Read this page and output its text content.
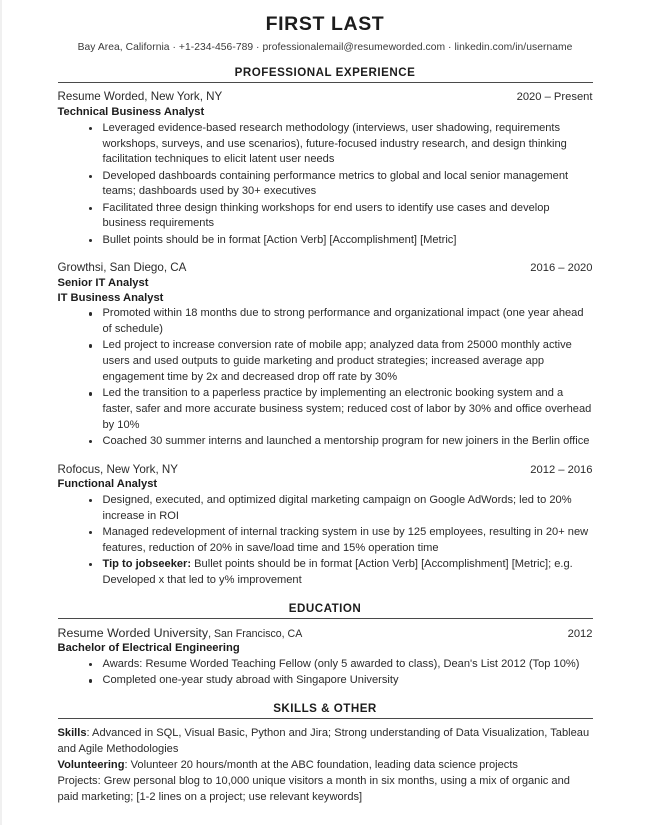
FIRST LAST
Bay Area, California · +1-234-456-789 · professionalemail@resumeworded.com · linkedin.com/in/username
PROFESSIONAL EXPERIENCE
Resume Worded, New York, NY	2020 – Present
Technical Business Analyst
Leveraged evidence-based research methodology (interviews, user shadowing, requirements workshops, surveys, and use scenarios), future-focused industry research, and design thinking facilitation techniques to elicit latent user needs
Developed dashboards containing performance metrics to global and local senior management teams; dashboards used by 30+ executives
Facilitated three design thinking workshops for end users to identify use cases and develop business requirements
Bullet points should be in format [Action Verb] [Accomplishment] [Metric]
Growthsi, San Diego, CA	2016 – 2020
Senior IT Analyst
IT Business Analyst
Promoted within 18 months due to strong performance and organizational impact (one year ahead of schedule)
Led project to increase conversion rate of mobile app; analyzed data from 25000 monthly active users and used outputs to guide marketing and product strategies; increased average app engagement time by 2x and decreased drop off rate by 30%
Led the transition to a paperless practice by implementing an electronic booking system and a faster, safer and more accurate business system; reduced cost of labor by 30% and office overhead by 10%
Coached 30 summer interns and launched a mentorship program for new joiners in the Berlin office
Rofocus, New York, NY	2012 – 2016
Functional Analyst
Designed, executed, and optimized digital marketing campaign on Google AdWords; led to 20% increase in ROI
Managed redevelopment of internal tracking system in use by 125 employees, resulting in 20+ new features, reduction of 20% in save/load time and 15% operation time
Tip to jobseeker: Bullet points should be in format [Action Verb] [Accomplishment] [Metric]; e.g. Developed x that led to y% improvement
EDUCATION
Resume Worded University, San Francisco, CA	2012
Bachelor of Electrical Engineering
Awards: Resume Worded Teaching Fellow (only 5 awarded to class), Dean's List 2012 (Top 10%)
Completed one-year study abroad with Singapore University
SKILLS & OTHER

Skills: Advanced in SQL, Visual Basic, Python and Jira; Strong understanding of Data Visualization, Tableau and Agile Methodologies

Volunteering: Volunteer 20 hours/month at the ABC foundation, leading data science projects

Projects: Grew personal blog to 10,000 unique visitors a month in six months, using a mix of organic and paid marketing; [1-2 lines on a project; use relevant keywords]
